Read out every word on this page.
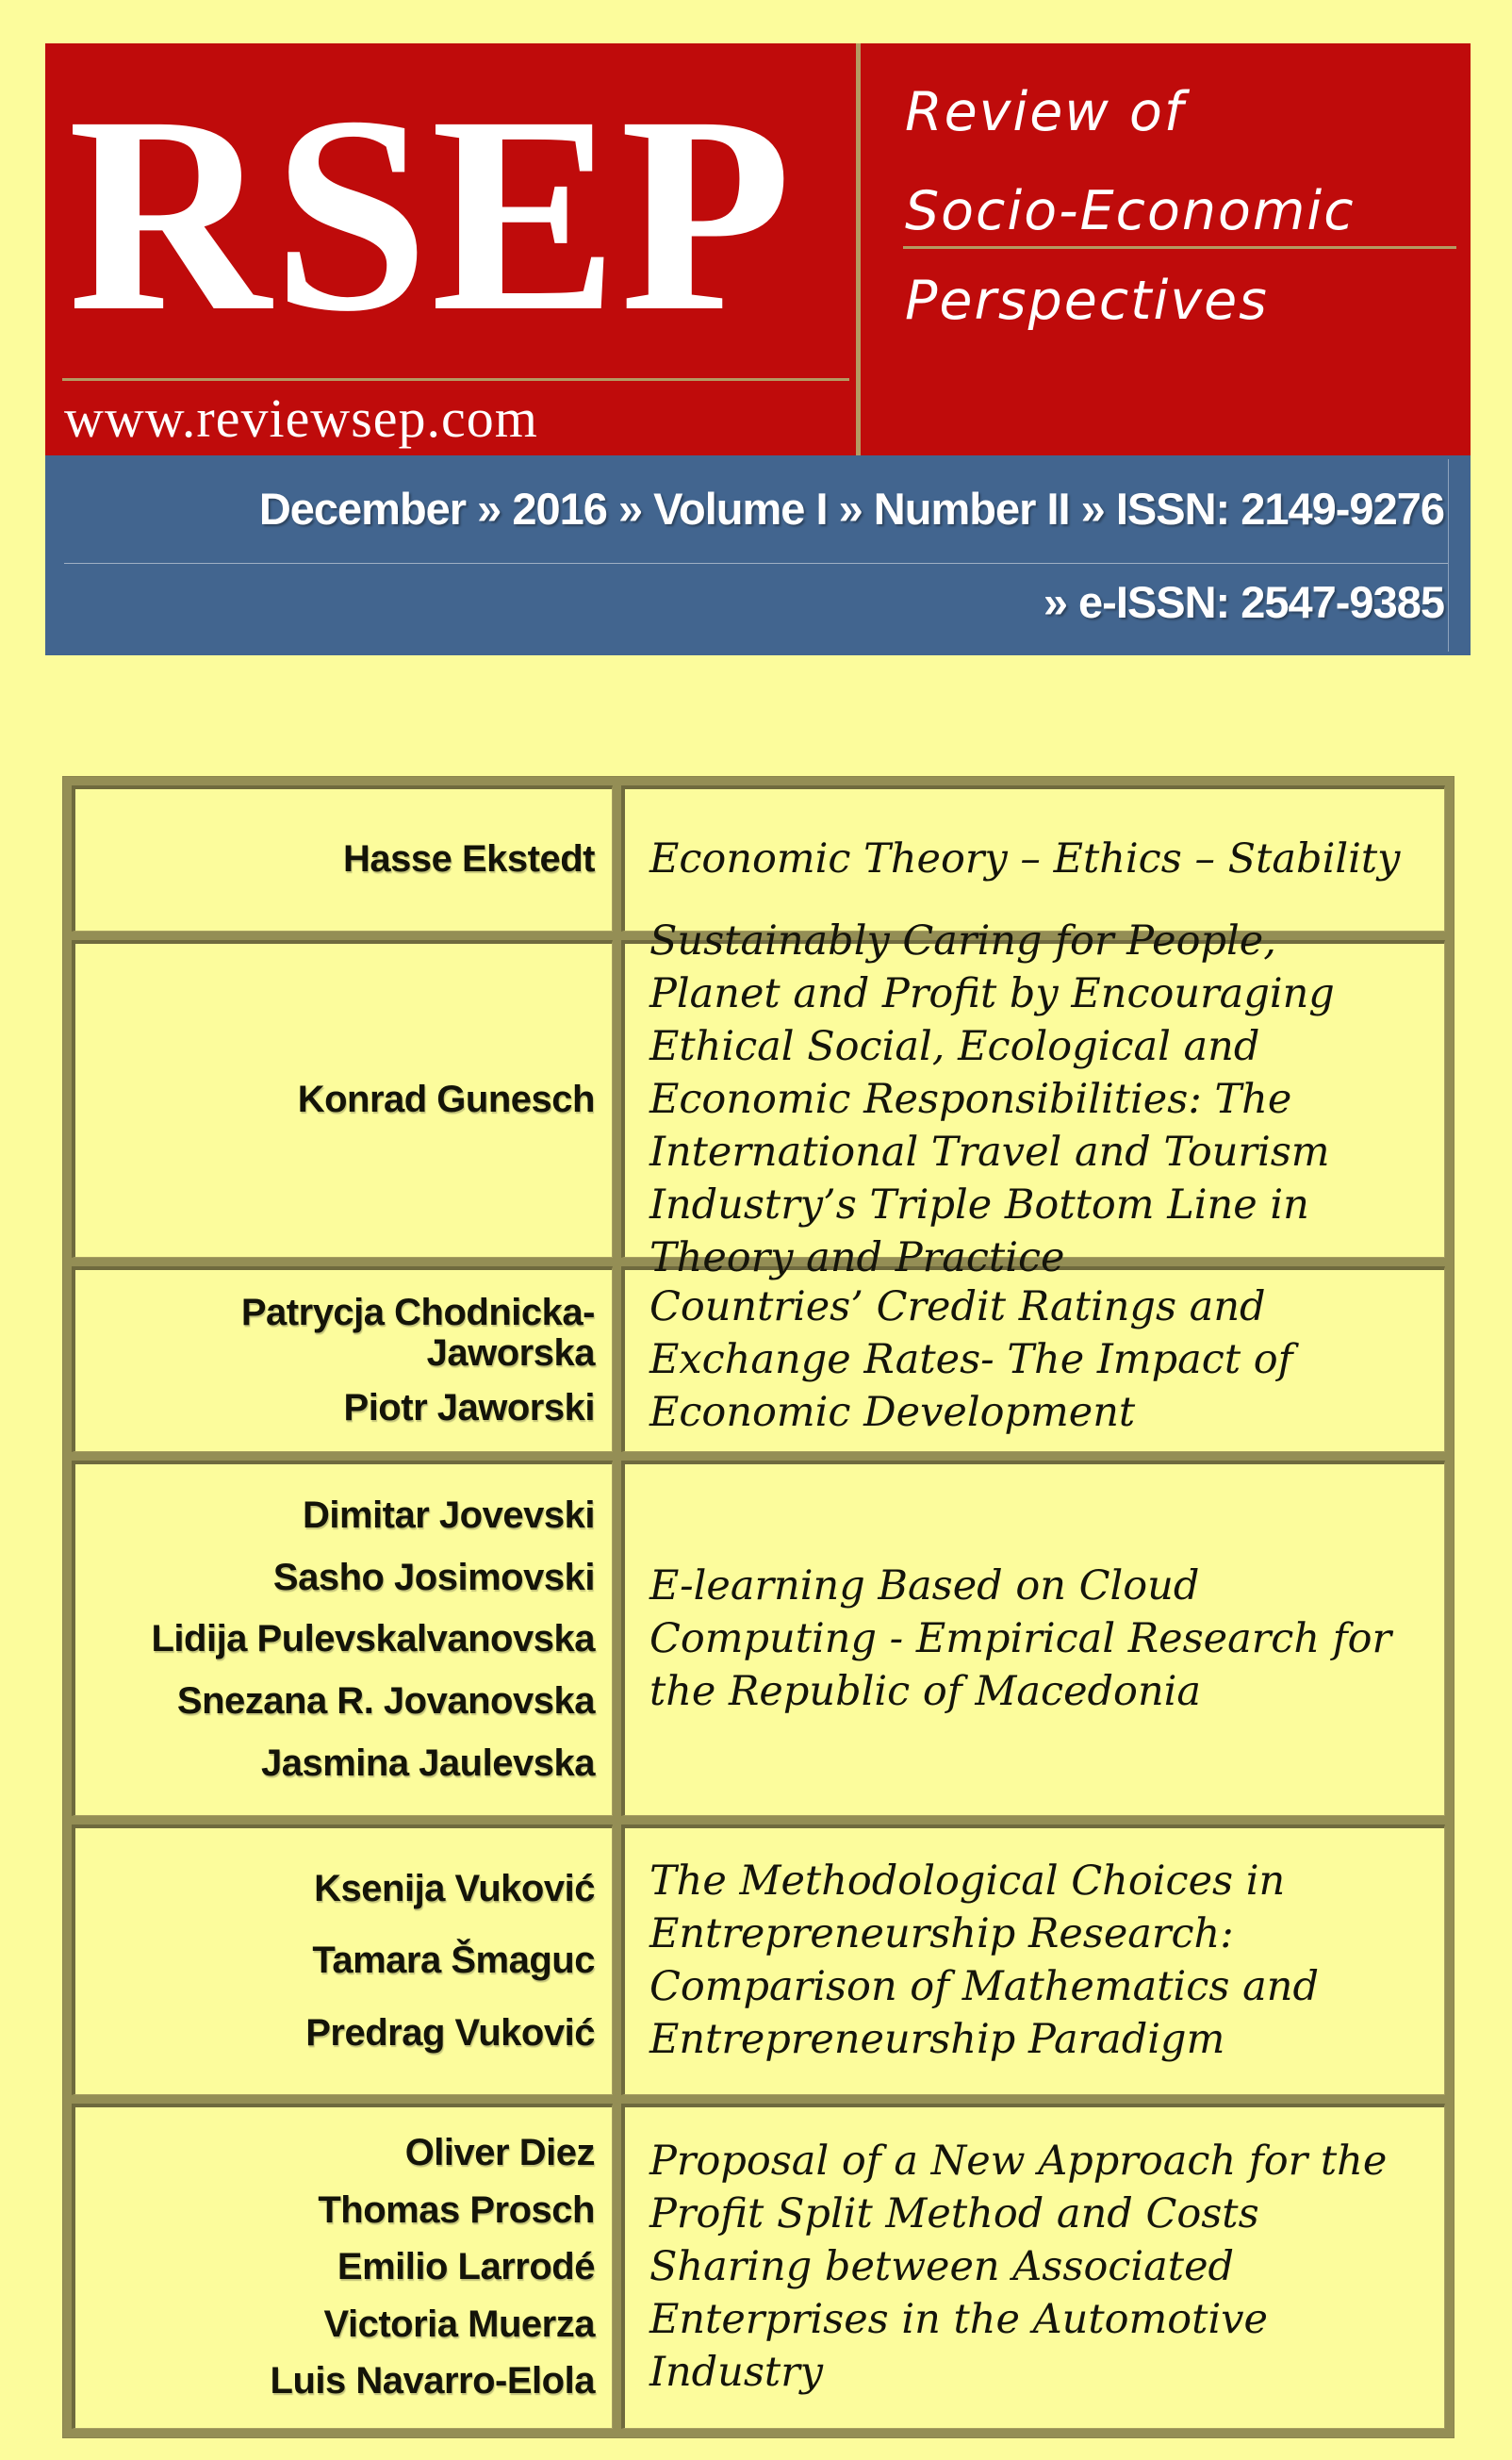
RSEP
www.reviewsep.com
Review of
Socio-Economic
Perspectives
December » 2016 » Volume I » Number II » ISSN: 2149-9276
» e-ISSN: 2547-9385
Hasse Ekstedt	Economic Theory – Ethics – Stability

Konrad Gunesch	Sustainably Caring for People, Planet and Profit by Encouraging Ethical Social, Ecological and Economic Responsibilities: The International Travel and Tourism Industry’s Triple Bottom Line in Theory and Practice

Patrycja Chodnicka-Jaworska
Piotr Jaworski	Countries’ Credit Ratings and Exchange Rates- The Impact of Economic Development

Dimitar Jovevski
Sasho Josimovski
Lidija Pulevskalvanovska
Snezana R. Jovanovska
Jasmina Jaulevska	E-learning Based on Cloud Computing - Empirical Research for the Republic of Macedonia

Ksenija Vuković
Tamara Šmaguc
Predrag Vuković	The Methodological Choices in Entrepreneurship Research: Comparison of Mathematics and Entrepreneurship Paradigm

Oliver Diez
Thomas Prosch
Emilio Larrodé
Victoria Muerza
Luis Navarro-Elola	Proposal of a New Approach for the Profit Split Method and Costs Sharing between Associated Enterprises in the Automotive Industry
